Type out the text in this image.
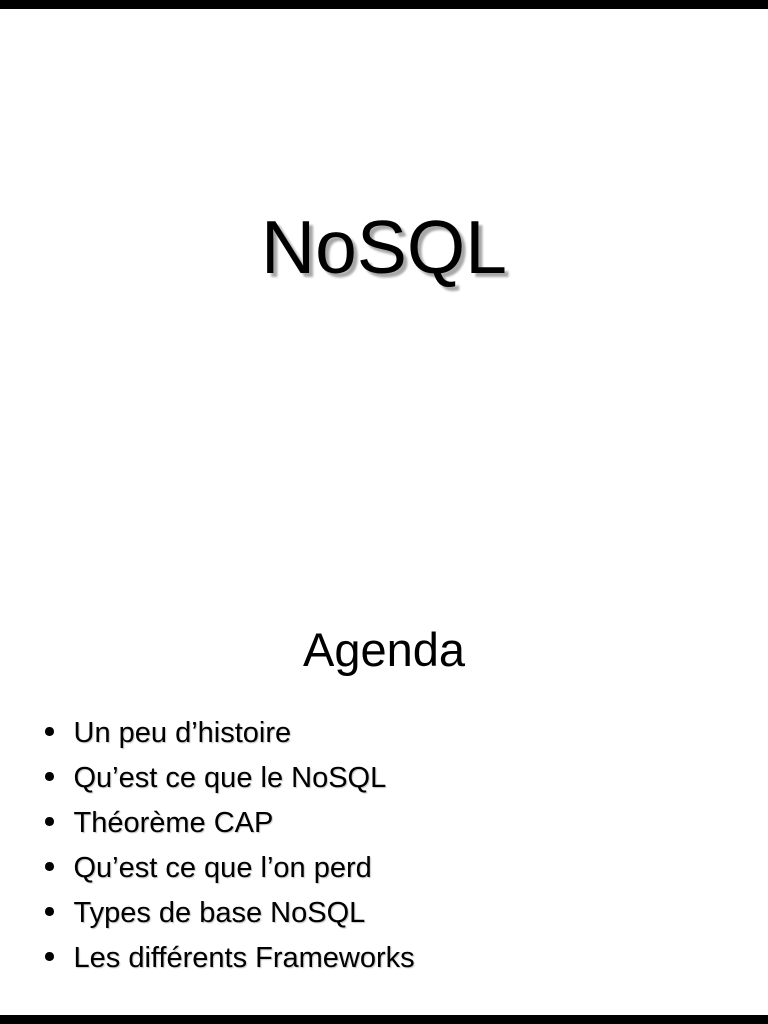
NoSQL
Agenda
Un peu d’histoire
Qu’est ce que le NoSQL
Théorème CAP
Qu’est ce que l’on perd
Types de base NoSQL
Les différents Frameworks
